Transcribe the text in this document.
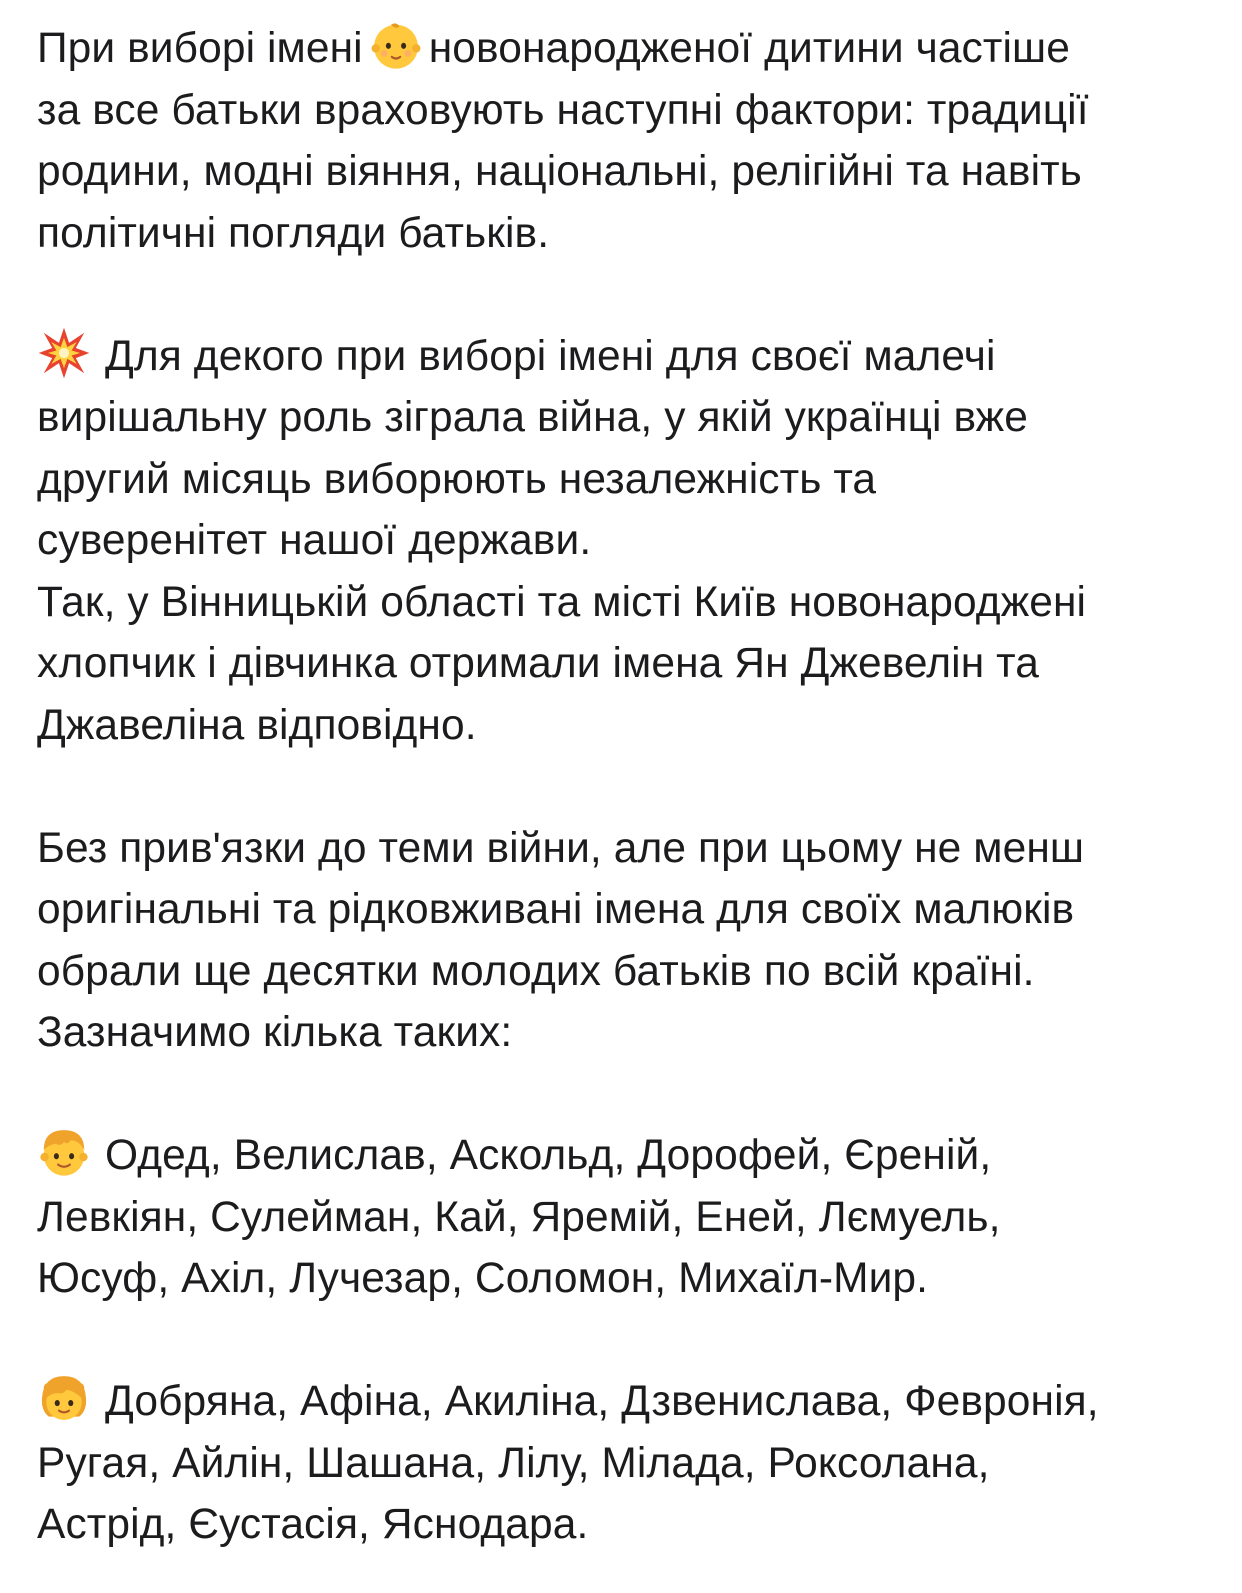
При виборі імені новонародженої дитини частіше
за все батьки враховують наступні фактори: традиції
родини, модні віяння, національні, релігійні та навіть
політичні погляди батьків.
Для декого при виборі імені для своєї малечі
вирішальну роль зіграла війна, у якій українці вже
другий місяць виборюють незалежність та
суверенітет нашої держави.
Так, у Вінницькій області та місті Київ новонароджені
хлопчик і дівчинка отримали імена Ян Джевелін та
Джавеліна відповідно.
Без прив'язки до теми війни, але при цьому не менш
оригінальні та рідковживані імена для своїх малюків
обрали ще десятки молодих батьків по всій країні.
Зазначимо кілька таких:
Одед, Велислав, Аскольд, Дорофей, Єреній,
Левкіян, Сулейман, Кай, Яремій, Еней, Лємуель,
Юсуф, Ахіл, Лучезар, Соломон, Михаїл-Мир.
Добряна, Афіна, Акиліна, Дзвенислава, Февронія,
Ругая, Айлін, Шашана, Лілу, Мілада, Роксолана,
Астрід, Єустасія, Яснодара.
